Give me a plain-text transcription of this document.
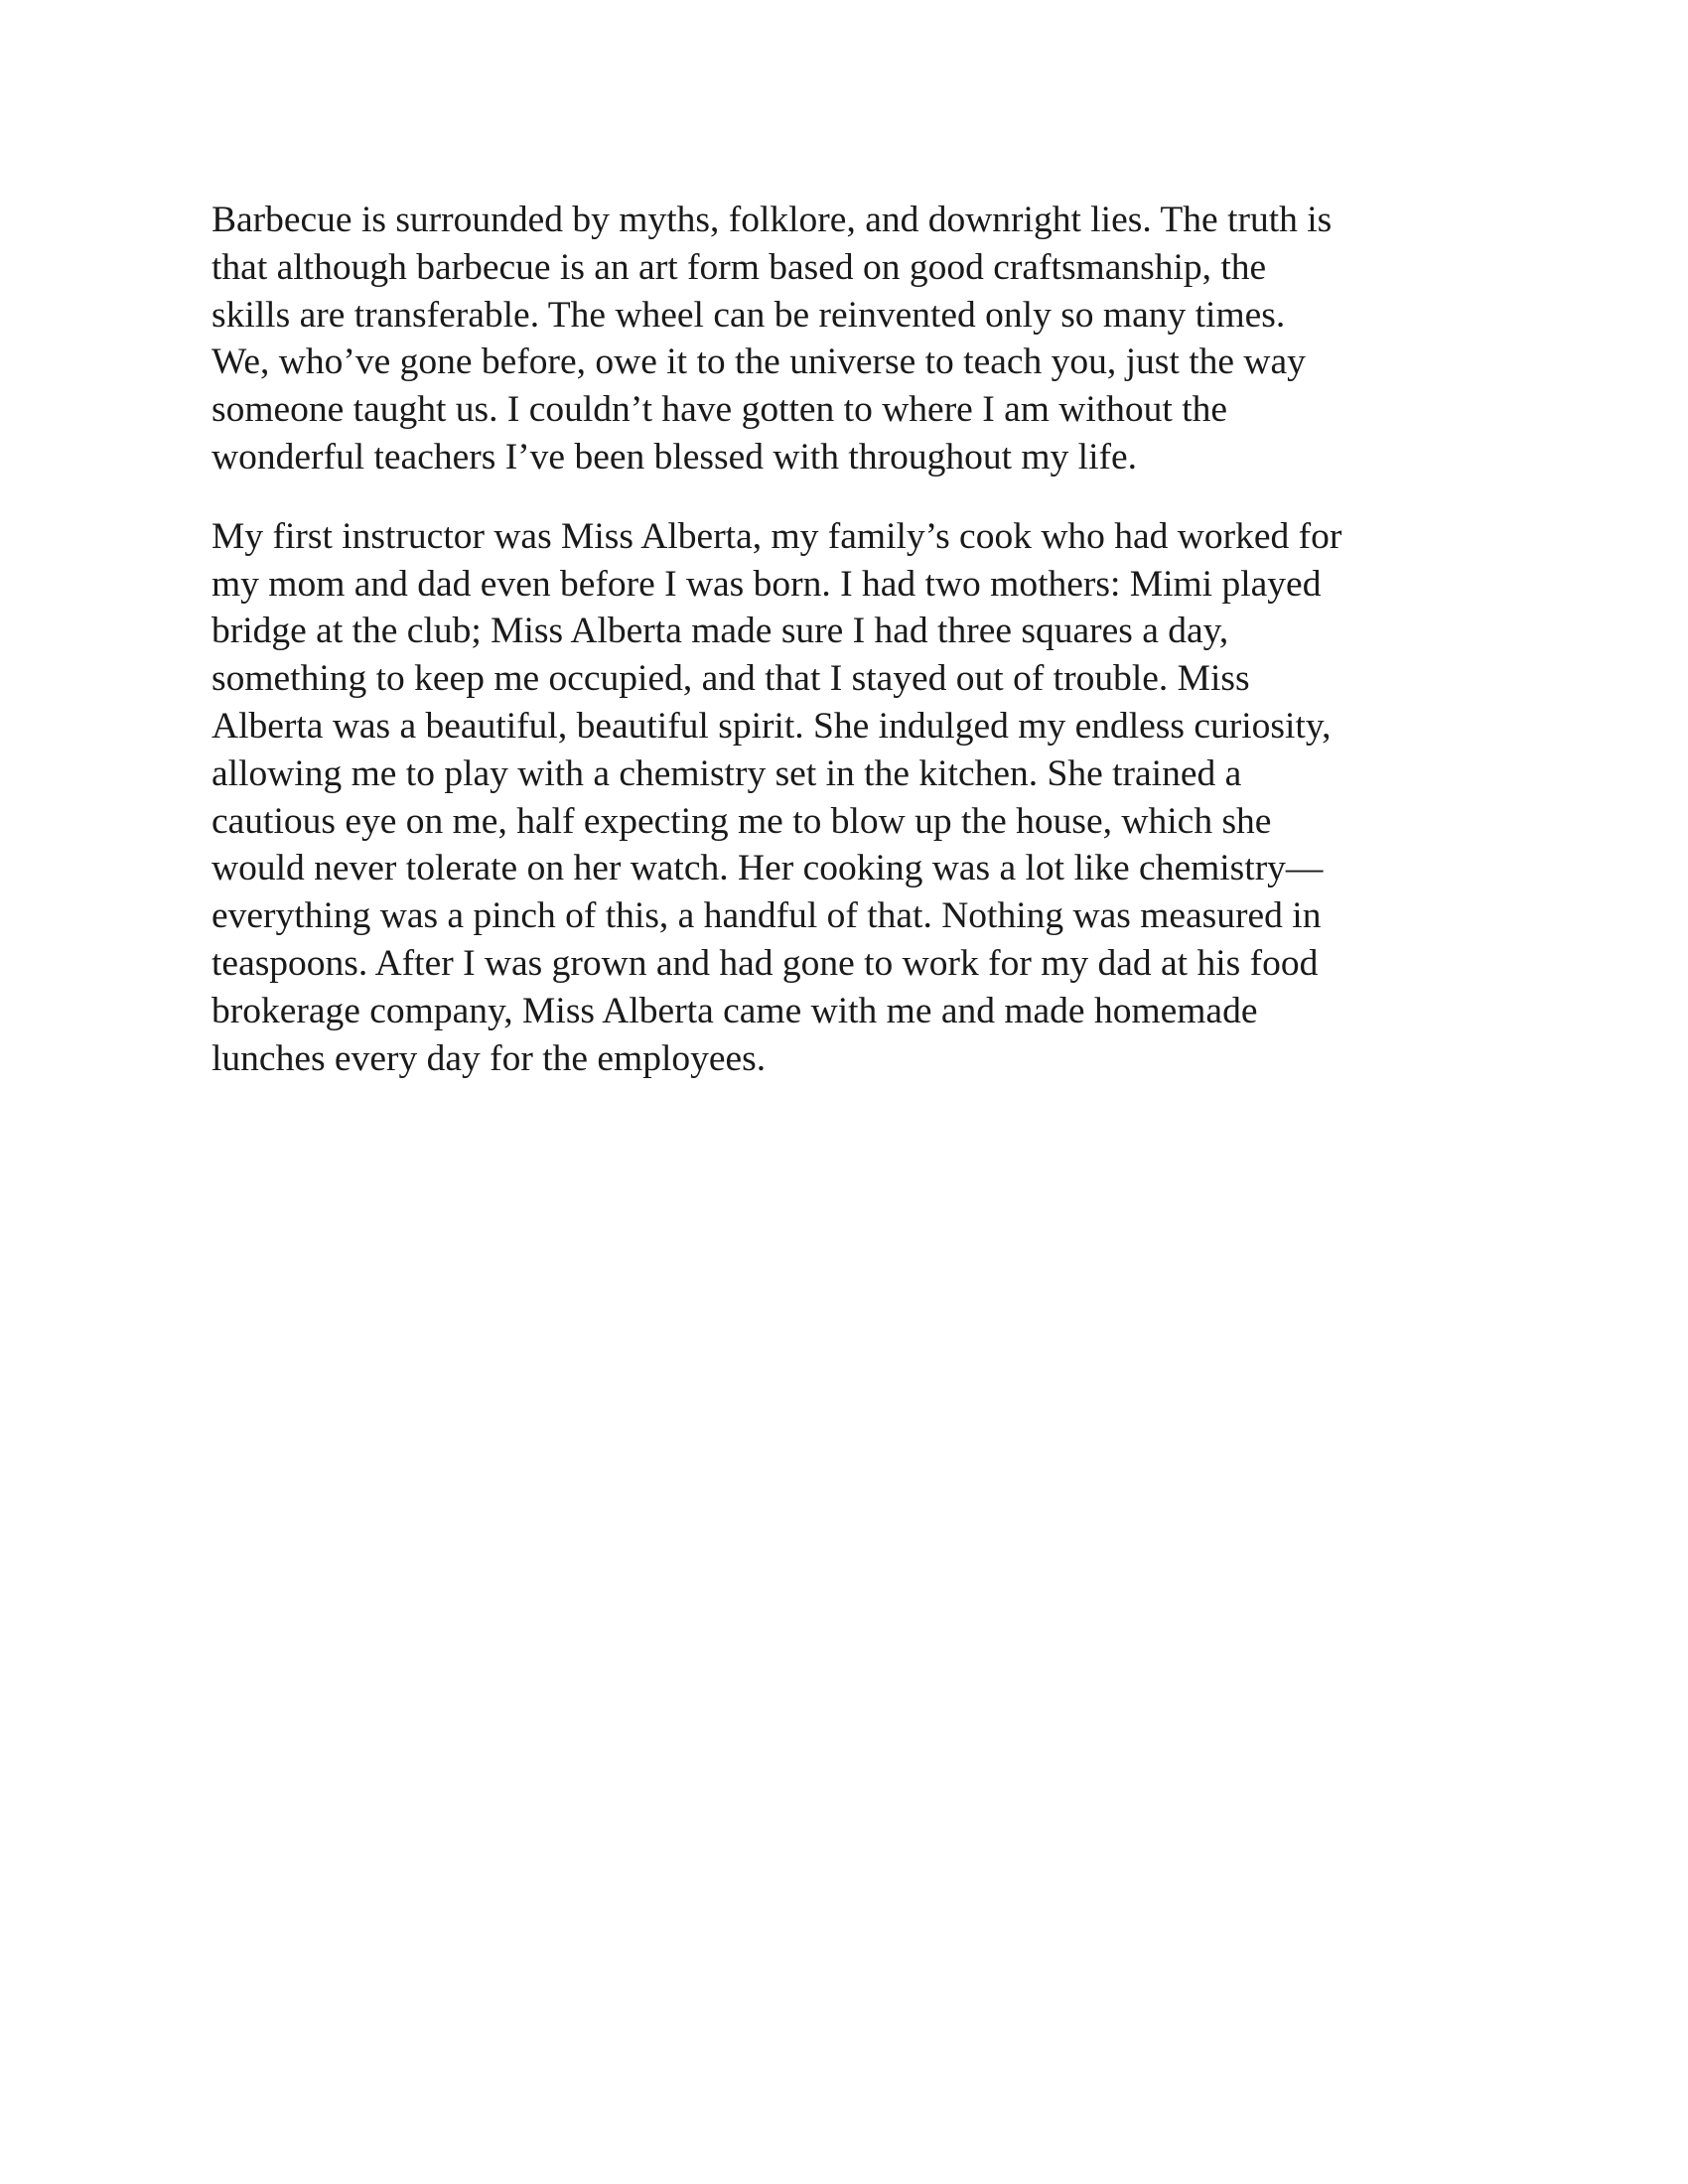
Barbecue is surrounded by myths, folklore, and downright lies. The truth is
that although barbecue is an art form based on good craftsmanship, the
skills are transferable. The wheel can be reinvented only so many times.
We, who’ve gone before, owe it to the universe to teach you, just the way
someone taught us. I couldn’t have gotten to where I am without the
wonderful teachers I’ve been blessed with throughout my life.

My first instructor was Miss Alberta, my family’s cook who had worked for
my mom and dad even before I was born. I had two mothers: Mimi played
bridge at the club; Miss Alberta made sure I had three squares a day,
something to keep me occupied, and that I stayed out of trouble. Miss
Alberta was a beautiful, beautiful spirit. She indulged my endless curiosity,
allowing me to play with a chemistry set in the kitchen. She trained a
cautious eye on me, half expecting me to blow up the house, which she
would never tolerate on her watch. Her cooking was a lot like chemistry—
everything was a pinch of this, a handful of that. Nothing was measured in
teaspoons. After I was grown and had gone to work for my dad at his food
brokerage company, Miss Alberta came with me and made homemade
lunches every day for the employees.
